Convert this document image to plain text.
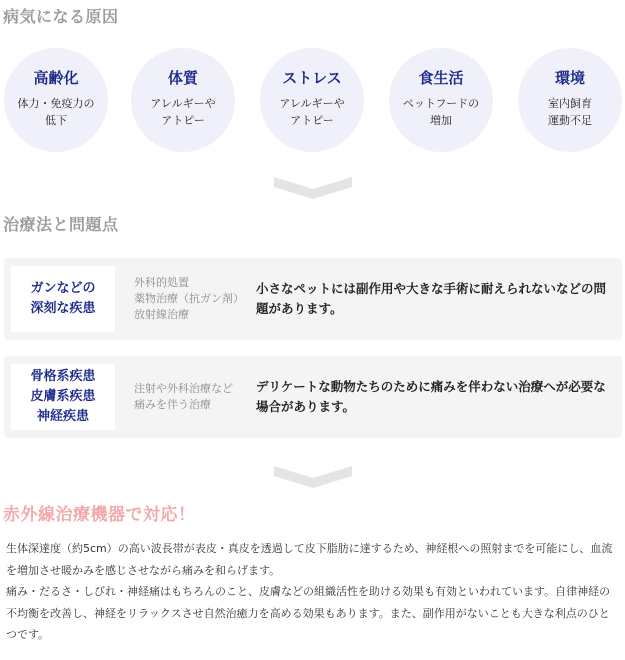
病気になる原因
高齢化
体力・免疫力の
低下
体質
アレルギーや
アトピー
ストレス
アレルギーや
アトピー
食生活
ペットフードの
増加
環境
室内飼育
運動不足
治療法と問題点
ガンなどの
深刻な疾患
外科的処置
薬物治療（抗ガン剤）
放射線治療
小さなペットには副作用や大きな手術に耐えられないなどの問題があります。
骨格系疾患
皮膚系疾患
神経疾患
注射や外科治療など
痛みを伴う治療
デリケートな動物たちのために痛みを伴わない治療へが必要な場合があります。
赤外線治療機器で対応！

生体深達度（約5cm）の高い波長帯が表皮・真皮を透過して皮下脂肪に達するため、神経根への照射までを可能にし、血流を増加させ暖かみを感じさせながら痛みを和らげます。

痛み・だるさ・しびれ・神経痛はもちろんのこと、皮膚などの組織活性を助ける効果も有効といわれています。自律神経の不均衡を改善し、神経をリラックスさせ自然治癒力を高める効果もあります。また、副作用がないことも大きな利点のひとつです。
